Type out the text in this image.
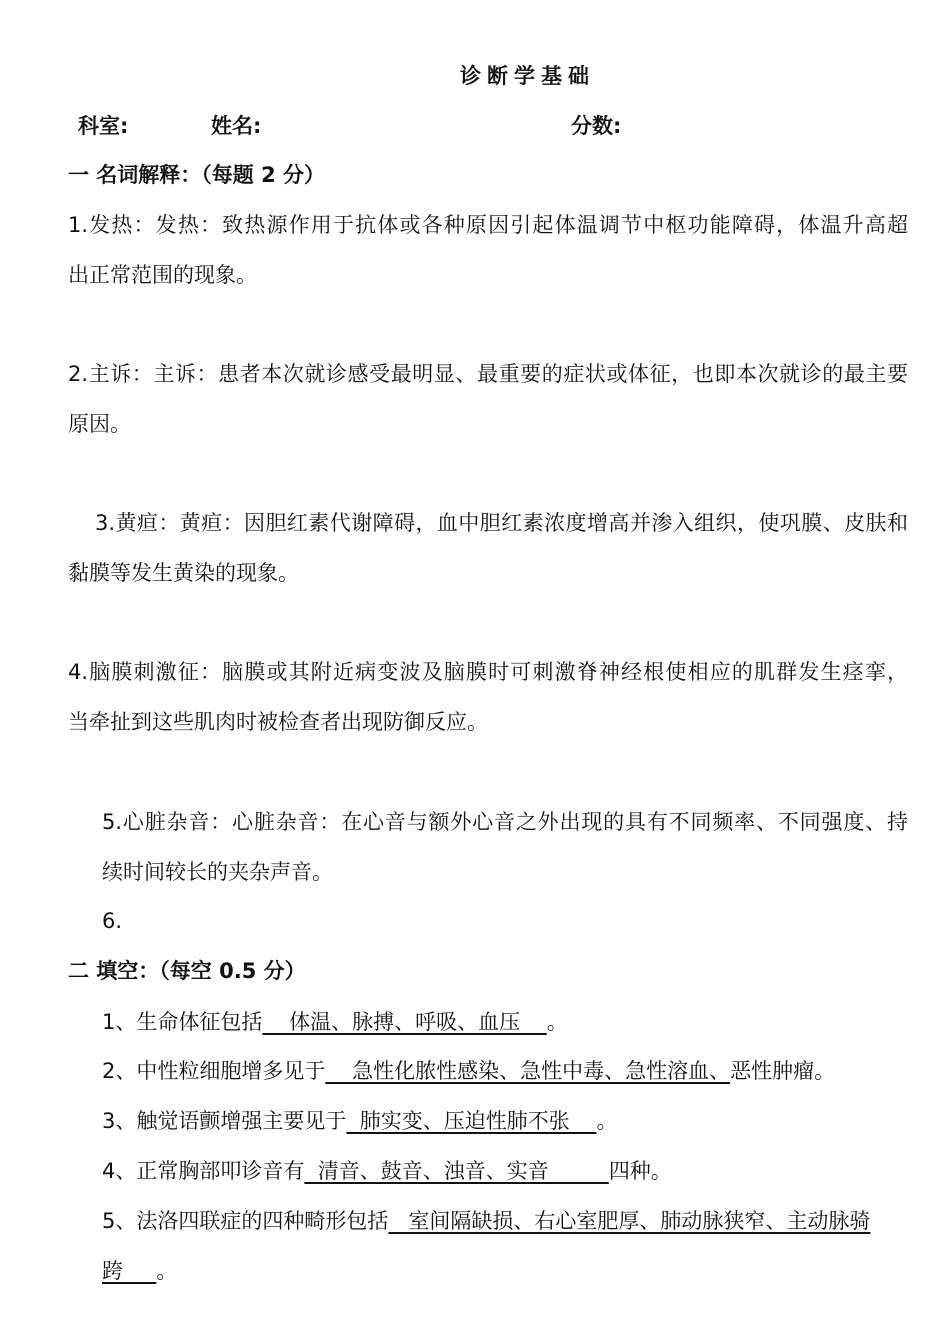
诊断学基础
科室:	姓名:	分数:
一 名词解释：（每题 2 分）
1.发热：发热：致热源作用于抗体或各种原因引起体温调节中枢功能障碍，体温升高超
出正常范围的现象。
2.主诉：主诉：患者本次就诊感受最明显、最重要的症状或体征，也即本次就诊的最主要
原因。
3.黄疸：黄疸：因胆红素代谢障碍，血中胆红素浓度增高并渗入组织，使巩膜、皮肤和
黏膜等发生黄染的现象。
4.脑膜刺激征：脑膜或其附近病变波及脑膜时可刺激脊神经根使相应的肌群发生痉挛，
当牵扯到这些肌肉时被检查者出现防御反应。
5.心脏杂音：心脏杂音：在心音与额外心音之外出现的具有不同频率、不同强度、持
续时间较长的夹杂声音。
6.
二 填空：（每空 0.5 分）
1、生命体征包括    体温、脉搏、呼吸、血压    。
2、中性粒细胞增多见于    急性化脓性感染、急性中毒、急性溶血、恶性肿瘤。
3、触觉语颤增强主要见于  肺实变、压迫性肺不张    。
4、正常胸部叩诊音有  清音、鼓音、浊音、实音         四种。
5、法洛四联症的四种畸形包括   室间隔缺损、右心室肥厚、肺动脉狭窄、主动脉骑
跨     。
